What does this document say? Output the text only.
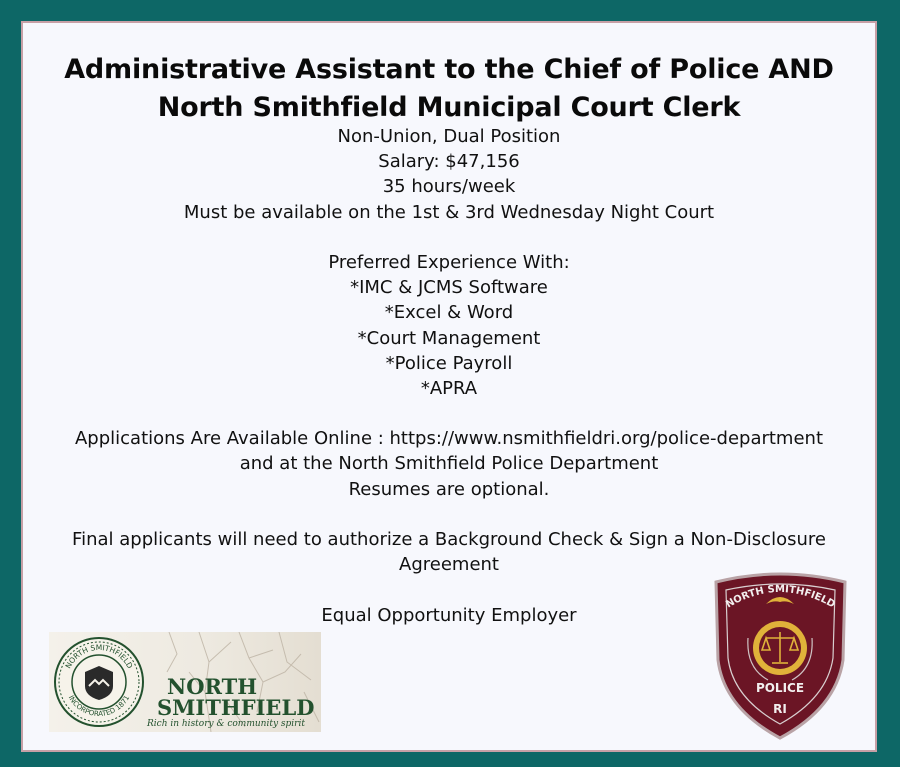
Administrative Assistant to the Chief of Police AND
North Smithfield Municipal Court Clerk
Non-Union, Dual Position
Salary: $47,156
35 hours/week
Must be available on the 1st & 3rd Wednesday Night Court
Preferred Experience With:
*IMC & JCMS Software
*Excel & Word
*Court Management
*Police Payroll
*APRA
Applications Are Available Online : https://www.nsmithfieldri.org/police-department
and at the North Smithfield Police Department
Resumes are optional.
Final applicants will need to authorize a Background Check & Sign a Non-Disclosure
Agreement
Equal Opportunity Employer
NORTH SMITHFIELD
INCORPORATED 1871 NORTH
SMITHFIELD
Rich in history & community spirit
NORTH SMITHFIELD
POLICE
RI
